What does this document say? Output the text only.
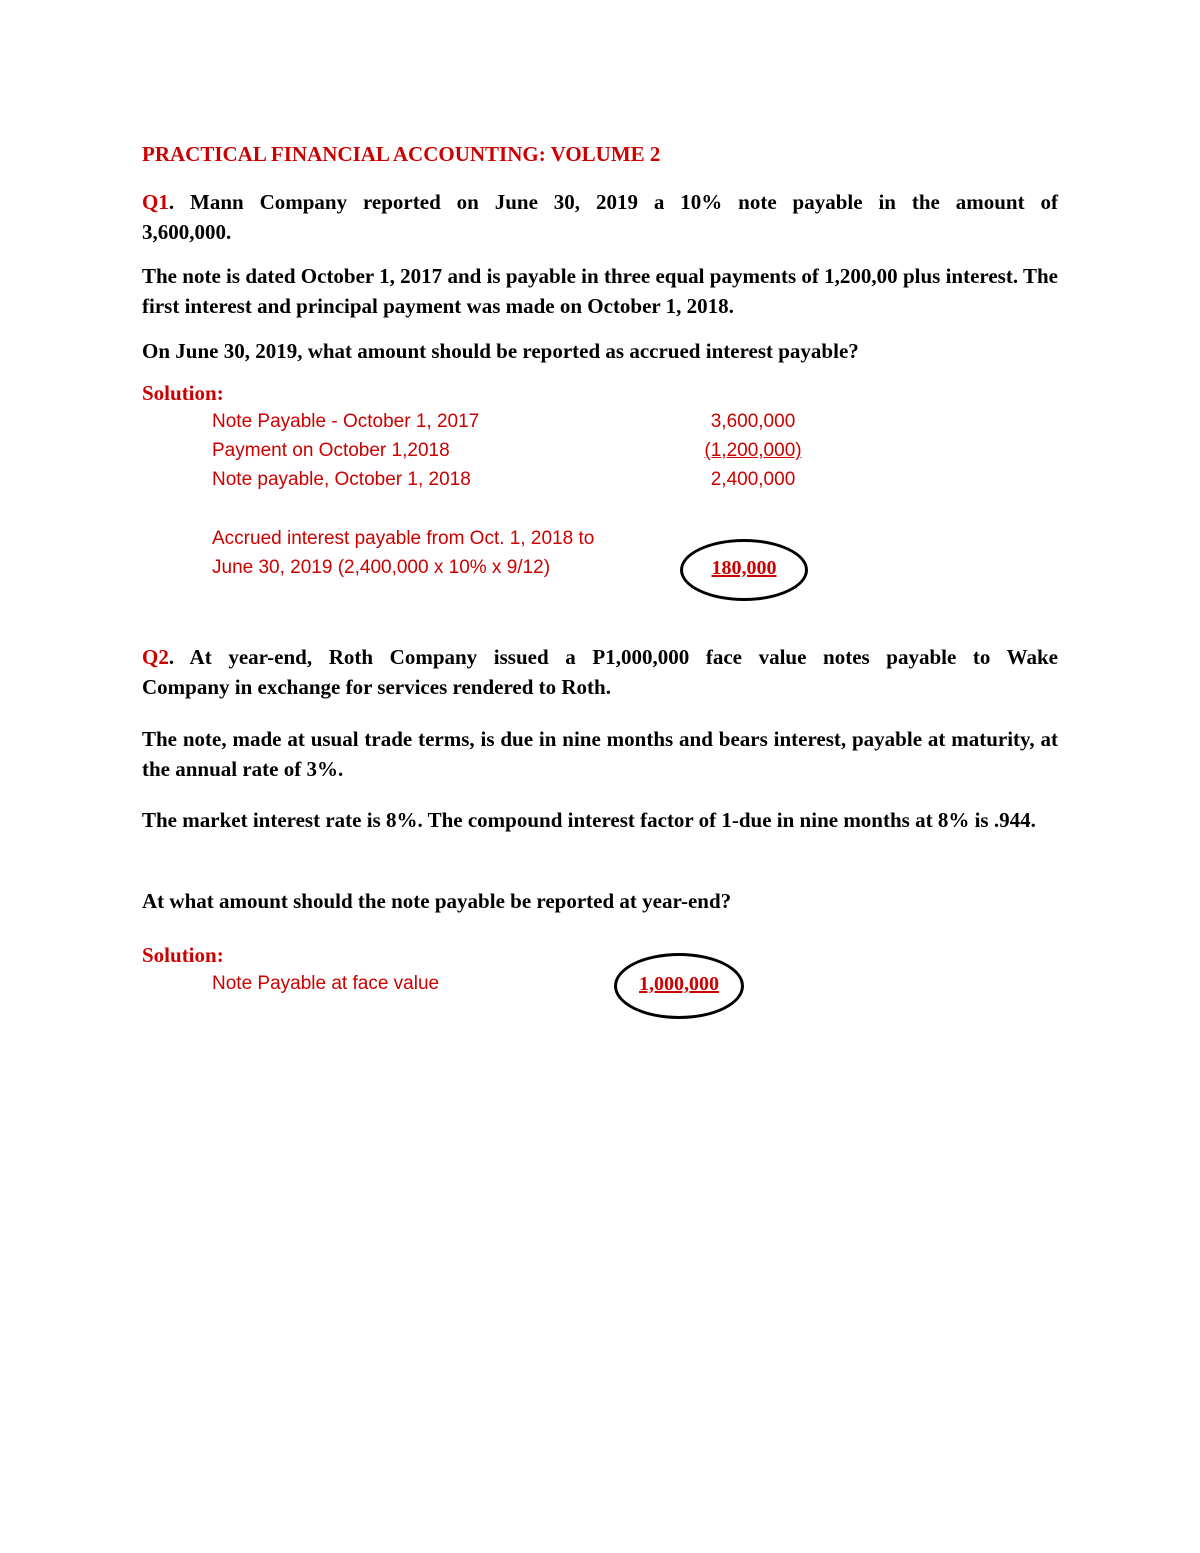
PRACTICAL FINANCIAL ACCOUNTING: VOLUME 2

Q1. Mann Company reported on June 30, 2019 a 10% note payable in the amount of

3,600,000.

The note is dated October 1, 2017 and is payable in three equal payments of 1,200,00 plus interest. The first interest and principal payment was made on October 1, 2018.

On June 30, 2019, what amount should be reported as accrued interest payable?

Solution:
Note Payable - October 1, 2017	3,600,000
Payment on October 1,2018	(1,200,000)
Note payable, October 1, 2018	2,400,000
Accrued interest payable from Oct. 1, 2018 to
June 30, 2019 (2,400,000 x 10% x 9/12)	180,000

Q2. At year-end, Roth Company issued a P1,000,000 face value notes payable to Wake

Company in exchange for services rendered to Roth.

The note, made at usual trade terms, is due in nine months and bears interest, payable at maturity, at the annual rate of 3%.

The market interest rate is 8%. The compound interest factor of 1-due in nine months at 8% is .944.

At what amount should the note payable be reported at year-end?

Solution:
Note Payable at face value	1,000,000
